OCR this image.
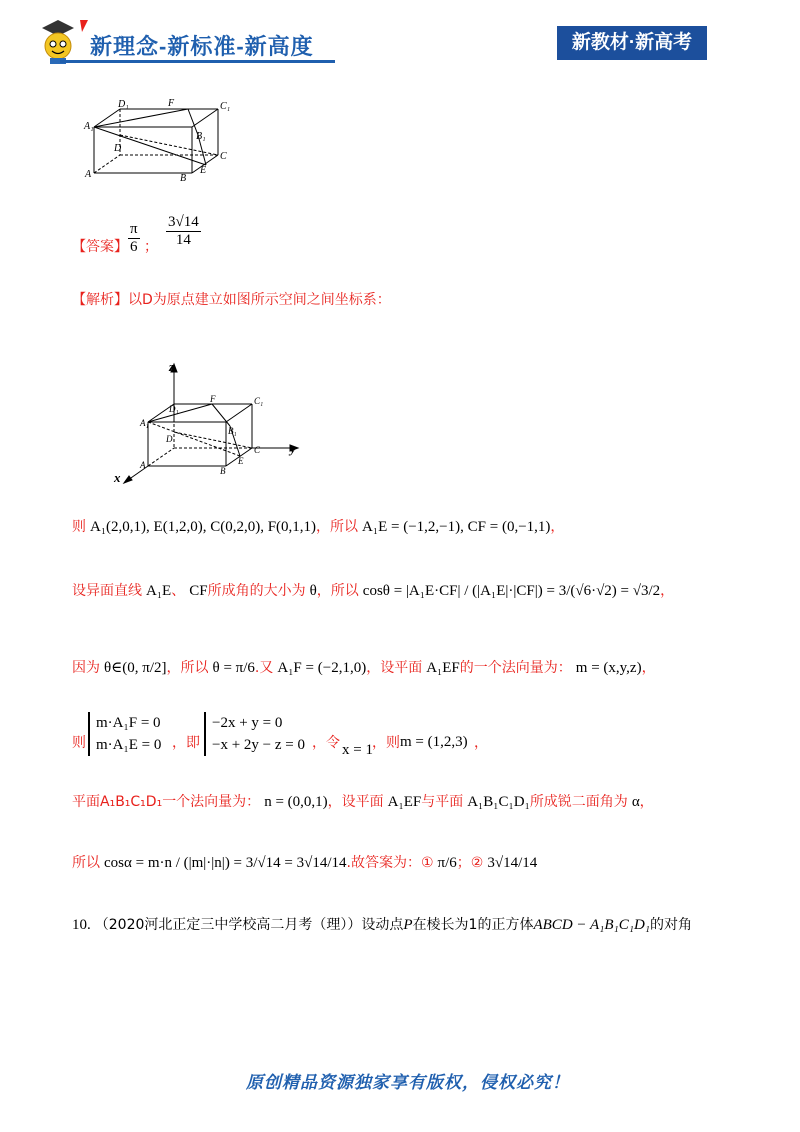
新理念-新标准-新高度	新教材·新高考
D₁	F	C₁
A₁
B₁
D
C
A	B
E
【答案】 $\frac{\pi}{6}$ ； $\frac{3√14}{14}$
【解析】以D为原点建立如图所示空间之间坐标系：
D₁
F	C₁
A₁
B₁
D
C
A
B
E
z
y
x
则 A₁(2,0,1), E(1,2,0), C(0,2,0), F(0,1,1)，所以 A₁E = (−1,2,−1), CF = (0,−1,1)，
设异面直线 A₁E、 CF所成角的大小为 θ，所以 cosθ = |A₁E·CF| / (|A₁E|·|CF|) = 3/(√6·√2) = √3/2，
因为 θ∈(0, π/2]，所以 θ = π/6.又 A₁F = (−2,1,0)，设平面 A₁EF的一个法向量为： m = (x,y,z)，
则
m·A₁F = 0
m·A₁E = 0 ，即
−2x + y = 0
−x + 2y − z = 0 ，令 x = 1 ，则 m = (1,2,3) ，
平面A₁B₁C₁D₁一个法向量为： n = (0,0,1)，设平面 A₁EF与平面 A₁B₁C₁D₁所成锐二面角为 α，
所以 cosα = m·n / (|m|·|n|) = 3/√14 = 3√14/14.故答案为：① π/6；② 3√14/14
10. （2020河北正定三中学校高二月考（理））设动点P在棱长为1的正方体ABCD − A₁B₁C₁D₁的对角
原创精品资源独家享有版权，侵权必究！
